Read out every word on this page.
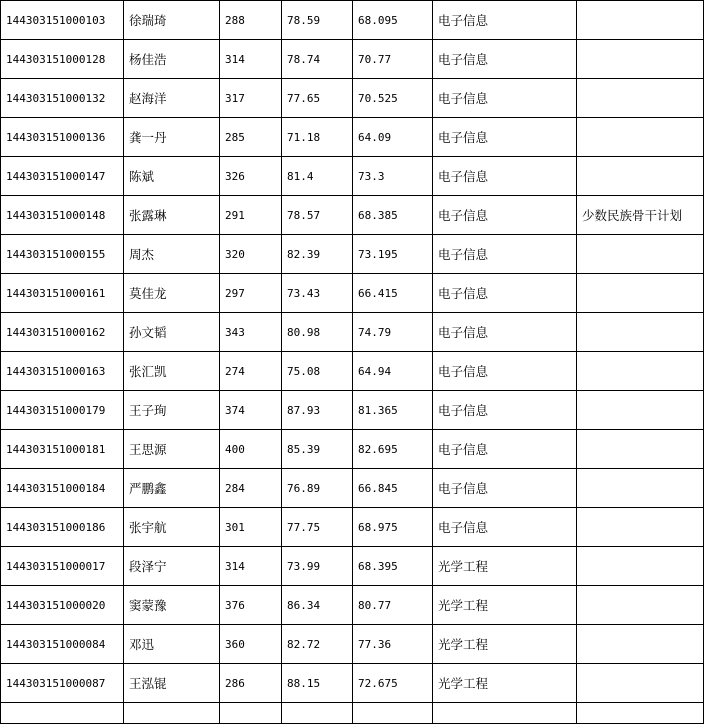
144303151000103	徐瑞琦	288	78.59	68.095	电子信息	
144303151000128	杨佳浩	314	78.74	70.77	电子信息	
144303151000132	赵海洋	317	77.65	70.525	电子信息	
144303151000136	龚一丹	285	71.18	64.09	电子信息	
144303151000147	陈斌	326	81.4	73.3	电子信息	
144303151000148	张露琳	291	78.57	68.385	电子信息	少数民族骨干计划
144303151000155	周杰	320	82.39	73.195	电子信息	
144303151000161	莫佳龙	297	73.43	66.415	电子信息	
144303151000162	孙文韬	343	80.98	74.79	电子信息	
144303151000163	张汇凯	274	75.08	64.94	电子信息	
144303151000179	王子珣	374	87.93	81.365	电子信息	
144303151000181	王思源	400	85.39	82.695	电子信息	
144303151000184	严鹏鑫	284	76.89	66.845	电子信息	
144303151000186	张宇航	301	77.75	68.975	电子信息	
144303151000017	段泽宁	314	73.99	68.395	光学工程	
144303151000020	窦蒙豫	376	86.34	80.77	光学工程	
144303151000084	邓迅	360	82.72	77.36	光学工程	
144303151000087	王泓锟	286	88.15	72.675	光学工程	
